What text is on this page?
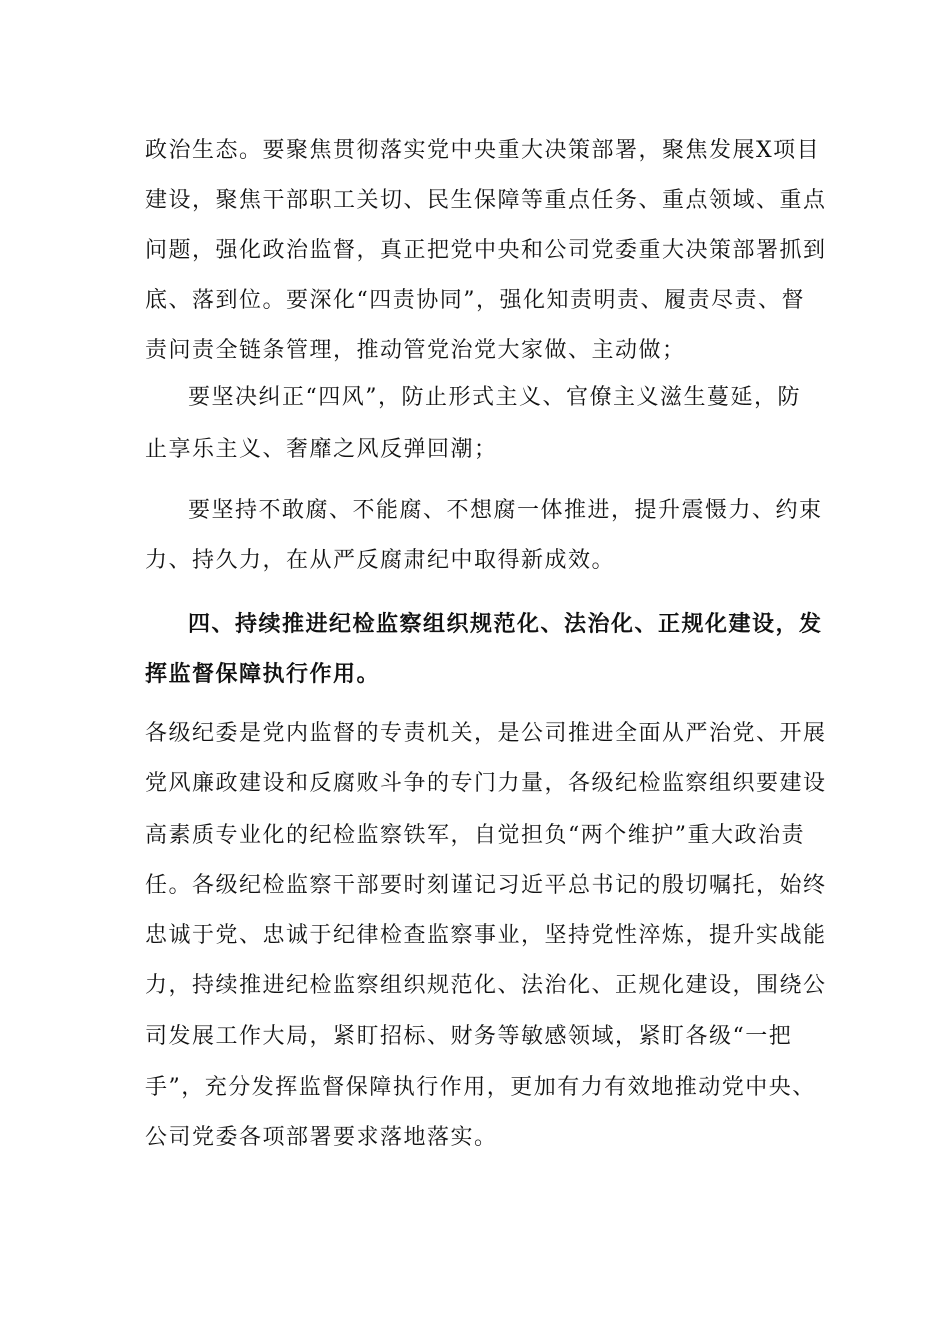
政治生态。要聚焦贯彻落实党中央重大决策部署，聚焦发展X项目
建设，聚焦干部职工关切、民生保障等重点任务、重点领域、重点
问题，强化政治监督，真正把党中央和公司党委重大决策部署抓到
底、落到位。要深化“四责协同”，强化知责明责、履责尽责、督
责问责全链条管理，推动管党治党大家做、主动做；
要坚决纠正“四风”，防止形式主义、官僚主义滋生蔓延，防
止享乐主义、奢靡之风反弹回潮；
要坚持不敢腐、不能腐、不想腐一体推进，提升震慑力、约束
力、持久力，在从严反腐肃纪中取得新成效。
四、持续推进纪检监察组织规范化、法治化、正规化建设，发
挥监督保障执行作用。
各级纪委是党内监督的专责机关，是公司推进全面从严治党、开展
党风廉政建设和反腐败斗争的专门力量，各级纪检监察组织要建设
高素质专业化的纪检监察铁军，自觉担负“两个维护”重大政治责
任。各级纪检监察干部要时刻谨记习近平总书记的殷切嘱托，始终
忠诚于党、忠诚于纪律检查监察事业，坚持党性淬炼，提升实战能
力，持续推进纪检监察组织规范化、法治化、正规化建设，围绕公
司发展工作大局，紧盯招标、财务等敏感领域，紧盯各级“一把
手”，充分发挥监督保障执行作用，更加有力有效地推动党中央、
公司党委各项部署要求落地落实。
